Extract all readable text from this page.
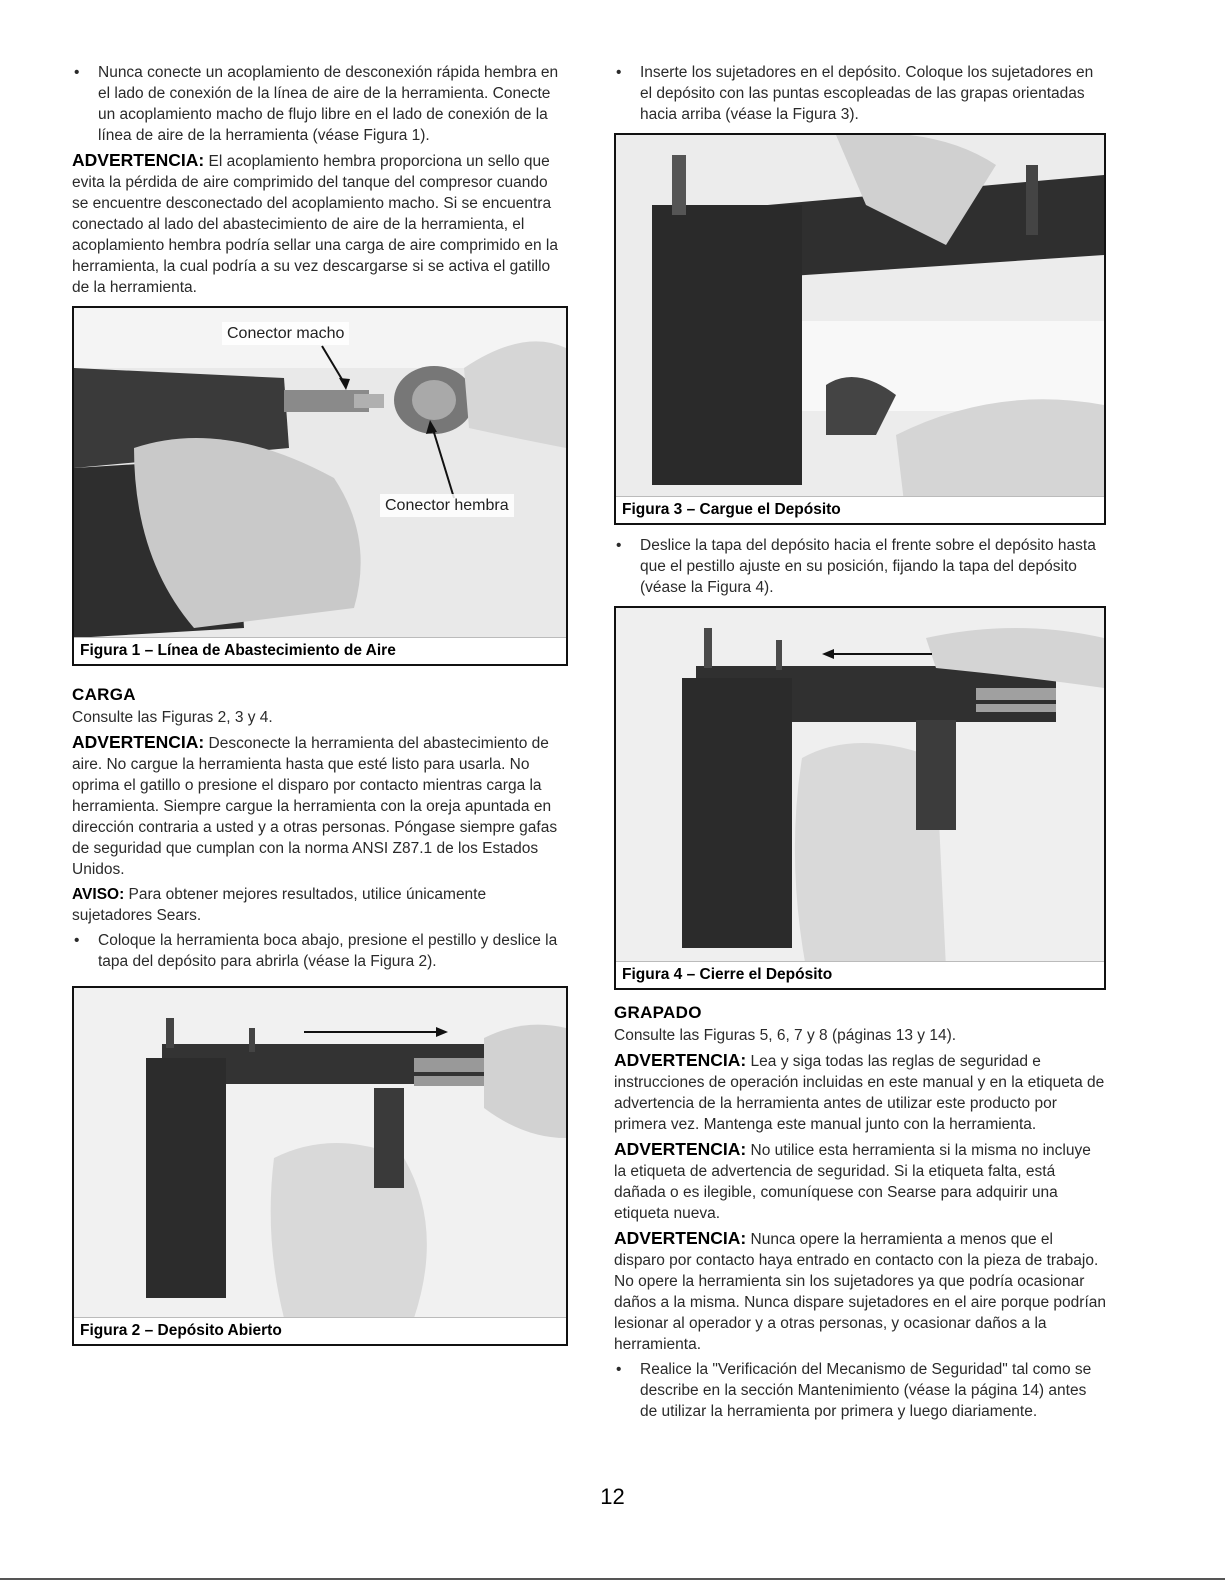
• Nunca conecte un acoplamiento de desconexión rápida hembra en el lado de conexión de la línea de aire de la herramienta. Conecte un acoplamiento macho de flujo libre en el lado de conexión de la línea de aire de la herramienta (véase Figura 1).

ADVERTENCIA: El acoplamiento hembra proporciona un sello que evita la pérdida de aire comprimido del tanque del compresor cuando se encuentre desconectado del acoplamiento macho. Si se encuentra conectado al lado del abastecimiento de aire de la herramienta, el acoplamiento hembra podría sellar una carga de aire comprimido en la herramienta, la cual podría a su vez descargarse si se activa el gatillo de la herramienta.

Conector macho
Conector hembra
Figura 1 – Línea de Abastecimiento de Aire
CARGA

Consulte las Figuras 2, 3 y 4.

ADVERTENCIA: Desconecte la herramienta del abastecimiento de aire. No cargue la herramienta hasta que esté listo para usarla. No oprima el gatillo o presione el disparo por contacto mientras carga la herramienta. Siempre cargue la herramienta con la oreja apuntada en dirección contraria a usted y a otras personas. Póngase siempre gafas de seguridad que cumplan con la norma ANSI Z87.1 de los Estados Unidos.

AVISO: Para obtener mejores resultados, utilice únicamente sujetadores Sears.

• Coloque la herramienta boca abajo, presione el pestillo y deslice la tapa del depósito para abrirla (véase la Figura 2).
Figura 2 – Depósito Abierto
• Inserte los sujetadores en el depósito. Coloque los sujetadores en el depósito con las puntas escopleadas de las grapas orientadas hacia arriba (véase la Figura 3).
Figura 3 – Cargue el Depósito
• Deslice la tapa del depósito hacia el frente sobre el depósito hasta que el pestillo ajuste en su posición, fijando la tapa del depósito (véase la Figura 4).
Figura 4 – Cierre el Depósito
GRAPADO

Consulte las Figuras 5, 6, 7 y 8 (páginas 13 y 14).

ADVERTENCIA: Lea y siga todas las reglas de seguridad e instrucciones de operación incluidas en este manual y en la etiqueta de advertencia de la herramienta antes de utilizar este producto por primera vez. Mantenga este manual junto con la herramienta.

ADVERTENCIA: No utilice esta herramienta si la misma no incluye la etiqueta de advertencia de seguridad. Si la etiqueta falta, está dañada o es ilegible, comuníquese con Searse para adquirir una etiqueta nueva.

ADVERTENCIA: Nunca opere la herramienta a menos que el disparo por contacto haya entrado en contacto con la pieza de trabajo. No opere la herramienta sin los sujetadores ya que podría ocasionar daños a la misma. Nunca dispare sujetadores en el aire porque podrían lesionar al operador y a otras personas, y ocasionar daños a la herramienta.

• Realice la "Verificación del Mecanismo de Seguridad" tal como se describe en la sección Mantenimiento (véase la página 14) antes de utilizar la herramienta por primera y luego diariamente.
12
